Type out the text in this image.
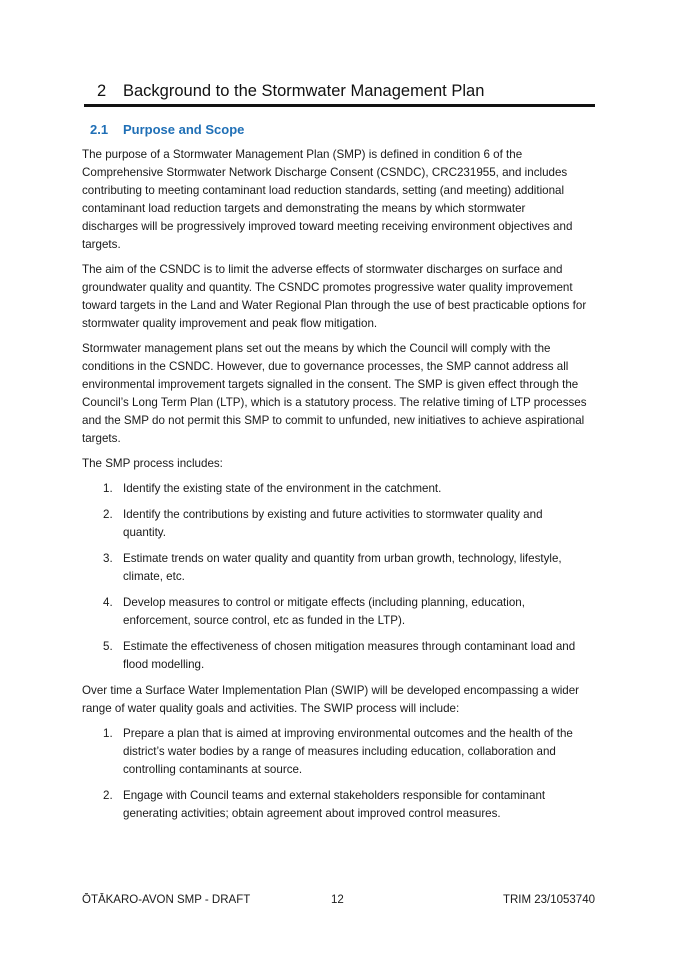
2	Background to the Stormwater Management Plan
2.1	Purpose and Scope

The purpose of a Stormwater Management Plan (SMP) is defined in condition 6 of the
Comprehensive Stormwater Network Discharge Consent (CSNDC), CRC231955, and includes
contributing to meeting contaminant load reduction standards, setting (and meeting) additional
contaminant load reduction targets and demonstrating the means by which stormwater
discharges will be progressively improved toward meeting receiving environment objectives and
targets.

The aim of the CSNDC is to limit the adverse effects of stormwater discharges on surface and
groundwater quality and quantity. The CSNDC promotes progressive water quality improvement
toward targets in the Land and Water Regional Plan through the use of best practicable options for
stormwater quality improvement and peak flow mitigation.

Stormwater management plans set out the means by which the Council will comply with the
conditions in the CSNDC. However, due to governance processes, the SMP cannot address all
environmental improvement targets signalled in the consent. The SMP is given effect through the
Council’s Long Term Plan (LTP), which is a statutory process. The relative timing of LTP processes
and the SMP do not permit this SMP to commit to unfunded, new initiatives to achieve aspirational
targets.

The SMP process includes:

1. Identify the existing state of the environment in the catchment.
2. Identify the contributions by existing and future activities to stormwater quality and
quantity.
3. Estimate trends on water quality and quantity from urban growth, technology, lifestyle,
climate, etc.
4. Develop measures to control or mitigate effects (including planning, education,
enforcement, source control, etc as funded in the LTP).
5. Estimate the effectiveness of chosen mitigation measures through contaminant load and
flood modelling.

Over time a Surface Water Implementation Plan (SWIP) will be developed encompassing a wider
range of water quality goals and activities. The SWIP process will include:

1. Prepare a plan that is aimed at improving environmental outcomes and the health of the
district’s water bodies by a range of measures including education, collaboration and
controlling contaminants at source.
2. Engage with Council teams and external stakeholders responsible for contaminant
generating activities; obtain agreement about improved control measures.
ŌTĀKARO-AVON SMP - DRAFT	12	TRIM 23/1053740
